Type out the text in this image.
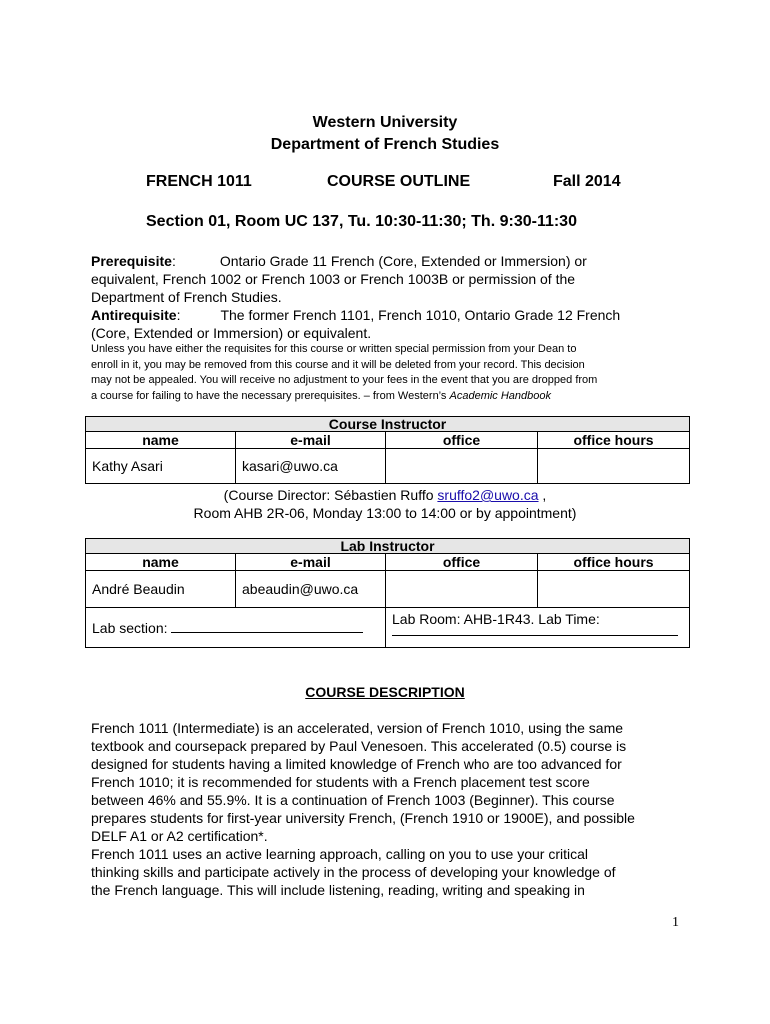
Western University
Department of French Studies
FRENCH 1011	COURSE OUTLINE	Fall 2014
Section 01, Room UC 137, Tu. 10:30-11:30; Th. 9:30-11:30
Prerequisite:	Ontario Grade 11 French (Core, Extended or Immersion) or
equivalent, French 1002 or French 1003 or French 1003B or permission of the
Department of French Studies.
Antirequisite:	The former French 1101, French 1010, Ontario Grade 12 French
(Core, Extended or Immersion) or equivalent.
Unless you have either the requisites for this course or written special permission from your Dean to
enroll in it, you may be removed from this course and it will be deleted from your record. This decision
may not be appealed. You will receive no adjustment to your fees in the event that you are dropped from
a course for failing to have the necessary prerequisites. – from Western’s Academic Handbook
Course Instructor			
name	e-mail	office	office hours
Kathy Asari	kasari@uwo.ca		
(Course Director: Sébastien Ruffo sruffo2@uwo.ca ,
Room AHB 2R-06, Monday 13:00 to 14:00 or by appointment)
Lab Instructor			
name	e-mail	office	office hours
André Beaudin	abeaudin@uwo.ca		
Lab section:		Lab Room: AHB-1R43. Lab Time:	
COURSE DESCRIPTION
French 1011 (Intermediate) is an accelerated, version of French 1010, using the same
textbook and coursepack prepared by Paul Venesoen. This accelerated (0.5) course is
designed for students having a limited knowledge of French who are too advanced for
French 1010; it is recommended for students with a French placement test score
between 46% and 55.9%. It is a continuation of French 1003 (Beginner). This course
prepares students for first-year university French, (French 1910 or 1900E), and possible
DELF A1 or A2 certification*.
French 1011 uses an active learning approach, calling on you to use your critical
thinking skills and participate actively in the process of developing your knowledge of
the French language. This will include listening, reading, writing and speaking in
1
